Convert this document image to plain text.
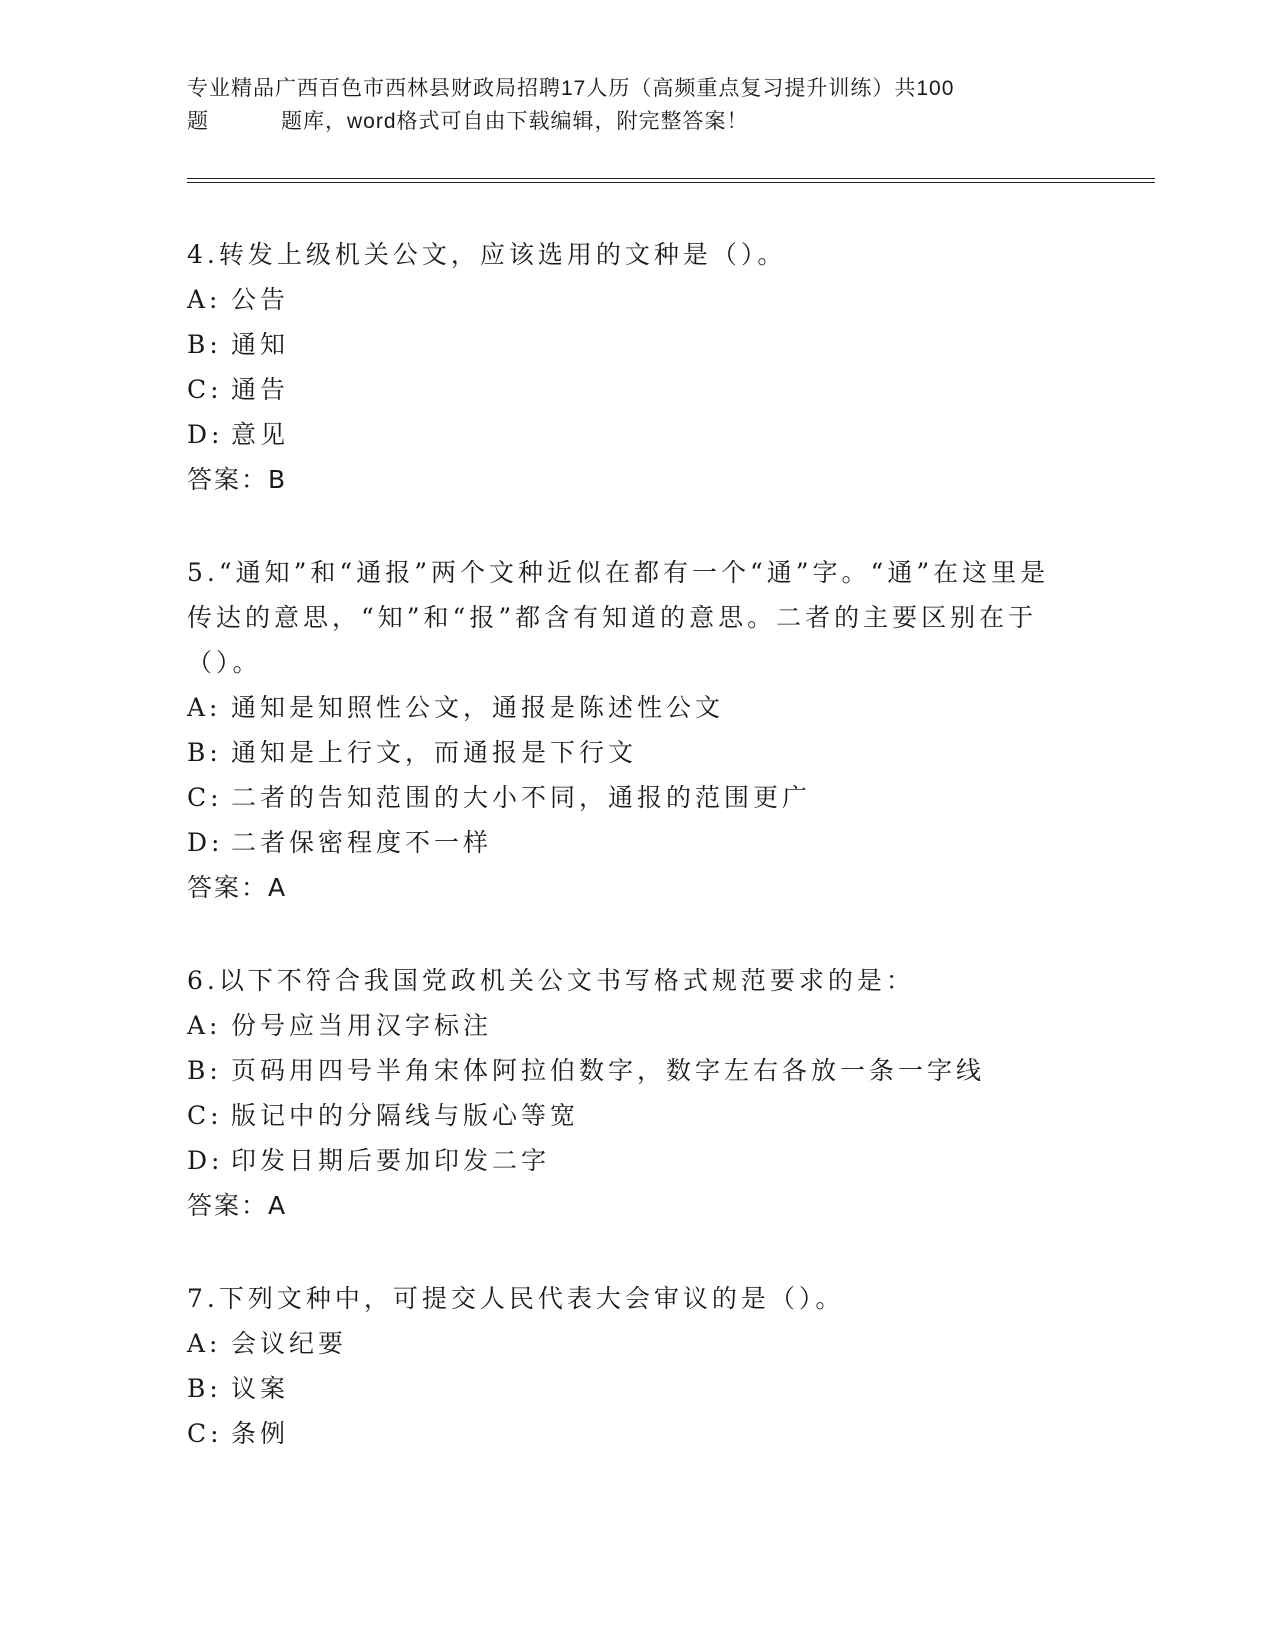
专业精品广西百色市西林县财政局招聘17人历（高频重点复习提升训练）共100
题	题库，word格式可自由下载编辑，附完整答案！

4.转发上级机关公文，应该选用的文种是（）。

A: 公告
B: 通知
C: 通告
D: 意见

答案：B

5.“通知”和“通报”两个文种近似在都有一个“通”字。“通”在这里是传达的意思，“知”和“报”都含有知道的意思。二者的主要区别在于（）。

A: 通知是知照性公文，通报是陈述性公文
B: 通知是上行文，而通报是下行文
C: 二者的告知范围的大小不同，通报的范围更广
D: 二者保密程度不一样

答案：A

6.以下不符合我国党政机关公文书写格式规范要求的是：

A: 份号应当用汉字标注
B: 页码用四号半角宋体阿拉伯数字，数字左右各放一条一字线
C: 版记中的分隔线与版心等宽
D: 印发日期后要加印发二字

答案：A

7.下列文种中，可提交人民代表大会审议的是（）。

A: 会议纪要
B: 议案
C: 条例
